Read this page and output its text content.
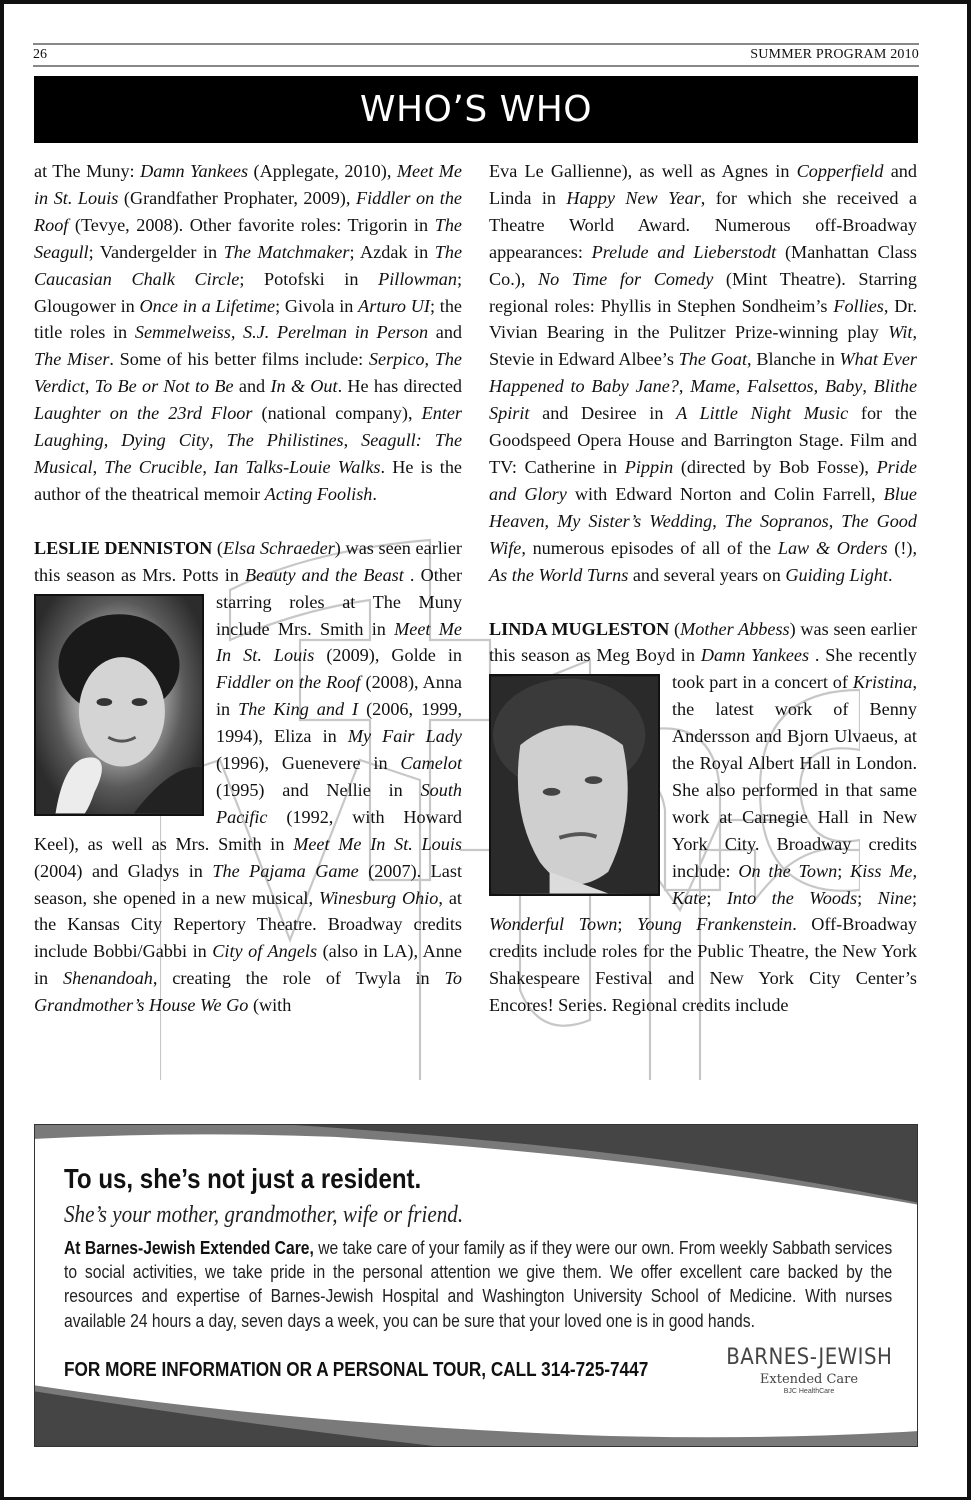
26	SUMMER PROGRAM 2010
WHO’S WHO

at The Muny: Damn Yankees (Applegate, 2010), Meet Me in St. Louis (Grandfather Prophater, 2009), Fiddler on the Roof (Tevye, 2008). Other favorite roles: Trigorin in The Seagull; Vandergelder in The Matchmaker; Azdak in The Caucasian Chalk Circle; Potofski in Pillowman; Glougower in Once in a Lifetime; Givola in Arturo UI; the title roles in Semmelweiss, S.J. Perelman in Person and The Miser. Some of his better films include: Serpico, The Verdict, To Be or Not to Be and In & Out. He has directed Laughter on the 23rd Floor (national company), Enter Laughing, Dying City, The Philistines, Seagull: The Musical, The Crucible, Ian Talks-Louie Walks. He is the author of the theatrical memoir Acting Foolish.

LESLIE DENNISTON (Elsa Schraeder) was seen earlier this season as Mrs. Potts in Beauty and the Beast . Other starring roles at The Muny include Mrs. Smith in Meet Me In St. Louis (2009), Golde in Fiddler on the Roof (2008), Anna in The King and I (2006, 1999, 1994), Eliza in My Fair Lady (1996), Guenevere in Camelot (1995) and Nellie in South Pacific (1992, with Howard Keel), as well as Mrs. Smith in Meet Me In St. Louis (2004) and Gladys in The Pajama Game (2007). Last season, she opened in a new musical, Winesburg Ohio, at the Kansas City Repertory Theatre. Broadway credits include Bobbi/Gabbi in City of Angels (also in LA), Anne in Shenandoah, creating the role of Twyla in To Grandmother’s House We Go (with

Eva Le Gallienne), as well as Agnes in Copperfield and Linda in Happy New Year, for which she received a Theatre World Award. Numerous off-Broadway appearances: Prelude and Lieberstodt (Manhattan Class Co.), No Time for Comedy (Mint Theatre). Starring regional roles: Phyllis in Stephen Sondheim’s Follies, Dr. Vivian Bearing in the Pulitzer Prize-winning play Wit, Stevie in Edward Albee’s The Goat, Blanche in What Ever Happened to Baby Jane?, Mame, Falsettos, Baby, Blithe Spirit and Desiree in A Little Night Music for the Goodspeed Opera House and Barrington Stage. Film and TV: Catherine in Pippin (directed by Bob Fosse), Pride and Glory with Edward Norton and Colin Farrell, Blue Heaven, My Sister’s Wedding, The Sopranos, The Good Wife, numerous episodes of all of the Law & Orders (!), As the World Turns and several years on Guiding Light.

LINDA MUGLESTON (Mother Abbess) was seen earlier this season as Meg Boyd in Damn Yankees . She recently took part in a concert of Kristina, the latest work of Benny Andersson and Bjorn Ulvaeus, at the Royal Albert Hall in London. She also performed in that same work at Carnegie Hall in New York City. Broadway credits include: On the Town; Kiss Me, Kate; Into the Woods; Nine; Wonderful Town; Young Frankenstein. Off-Broadway credits include roles for the Public Theatre, the New York Shakespeare Festival and New York City Center’s Encores! Series. Regional credits include

To us, she’s not just a resident.
She’s your mother, grandmother, wife or friend.
At Barnes-Jewish Extended Care, we take care of your family as if they were our own. From weekly Sabbath services to social activities, we take pride in the personal attention we give them. We offer excellent care backed by the resources and expertise of Barnes-Jewish Hospital and Washington University School of Medicine. With nurses available 24 hours a day, seven days a week, you can be sure that your loved one is in good hands.
FOR MORE INFORMATION OR A PERSONAL TOUR, CALL 314-725-7447	BARNES-JEWISH
Extended Care
BJC HealthCare
